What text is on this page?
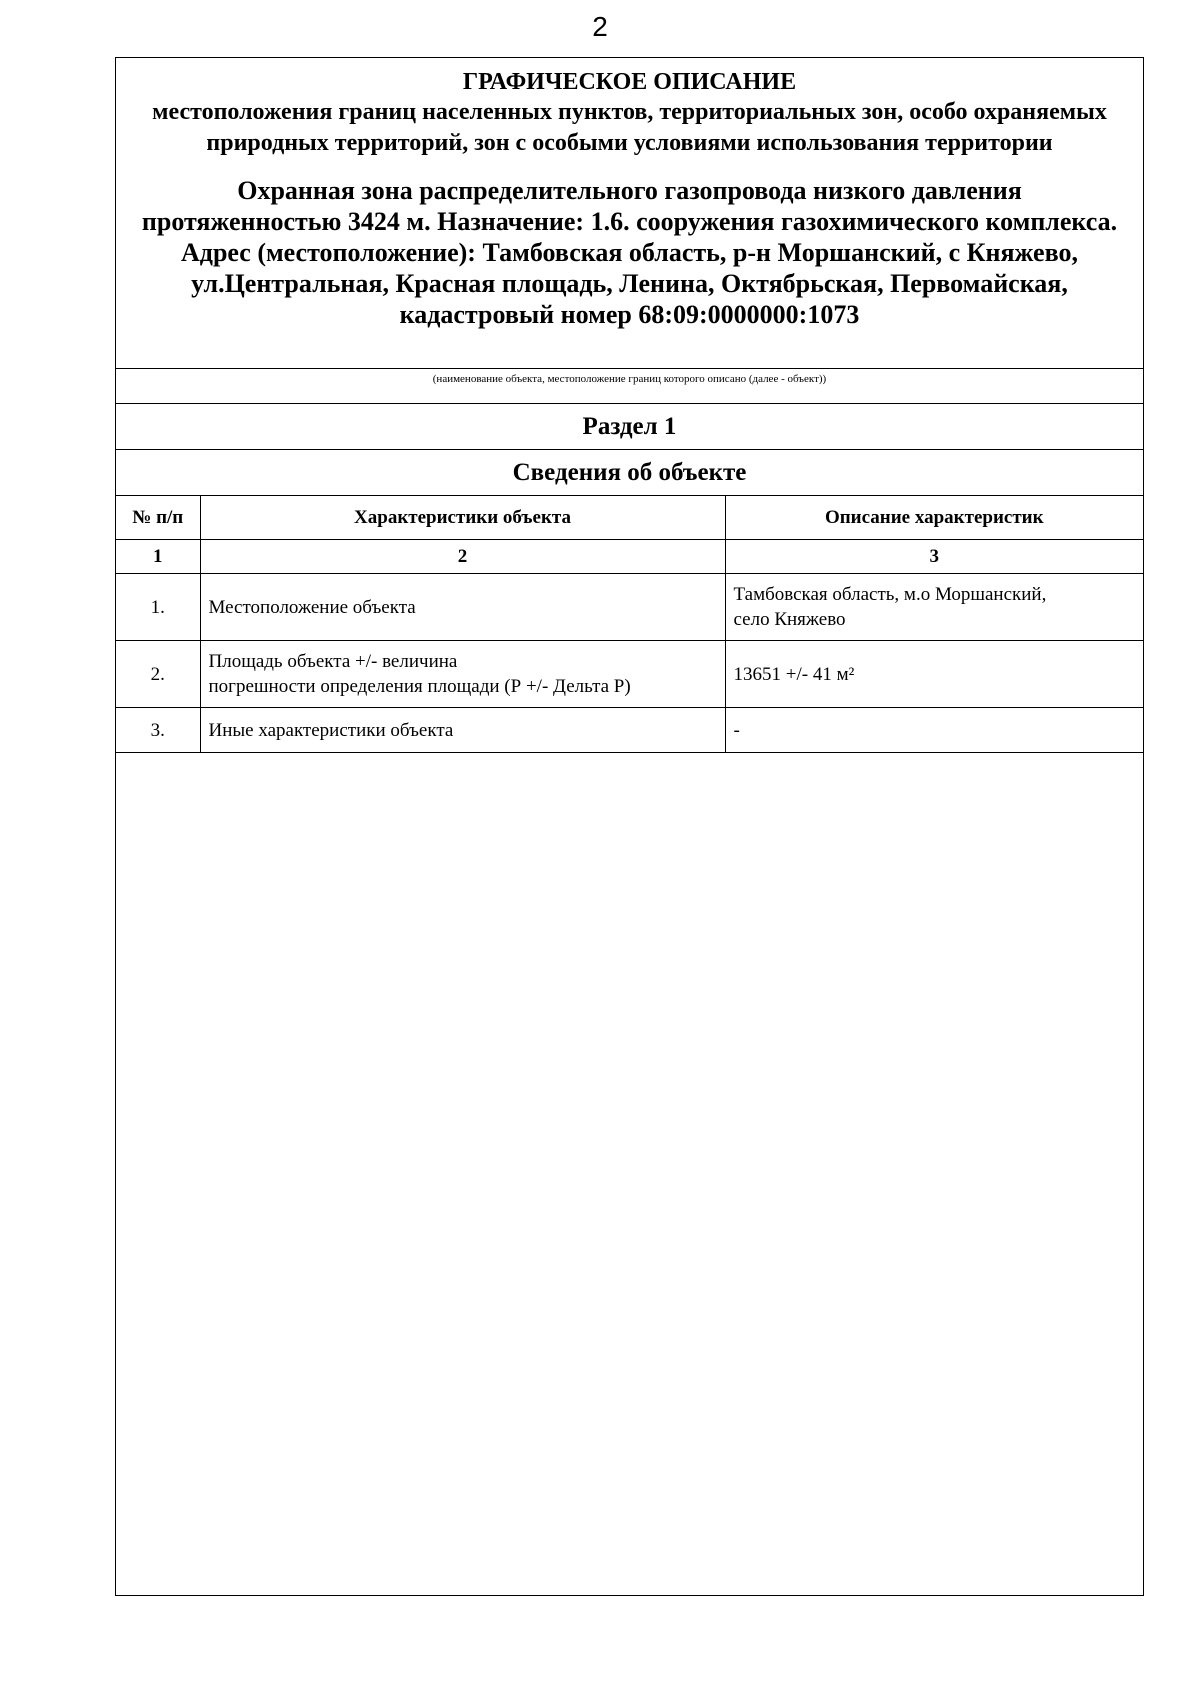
2
ГРАФИЧЕСКОЕ ОПИСАНИЕ
местоположения границ населенных пунктов, территориальных зон, особо охраняемых природных территорий, зон с особыми условиями использования территории
Охранная зона распределительного газопровода низкого давления протяженностью 3424 м. Назначение: 1.6. сооружения газохимического комплекса. Адрес (местоположение): Тамбовская область, р-н Моршанский, с Княжево, ул.Центральная, Красная площадь, Ленина, Октябрьская, Первомайская, кадастровый номер 68:09:0000000:1073
(наименование объекта, местоположение границ которого описано (далее - объект))
Раздел 1
Сведения об объекте
№ п/п	Характеристики объекта	Описание характеристик
1	2	3
1.	Местоположение объекта	Тамбовская область, м.о Моршанский,
село Княжево
2.	Площадь объекта +/- величина
погрешности определения площади (Р +/- Дельта Р)	13651 +/- 41 м²
3.	Иные характеристики объекта	-
